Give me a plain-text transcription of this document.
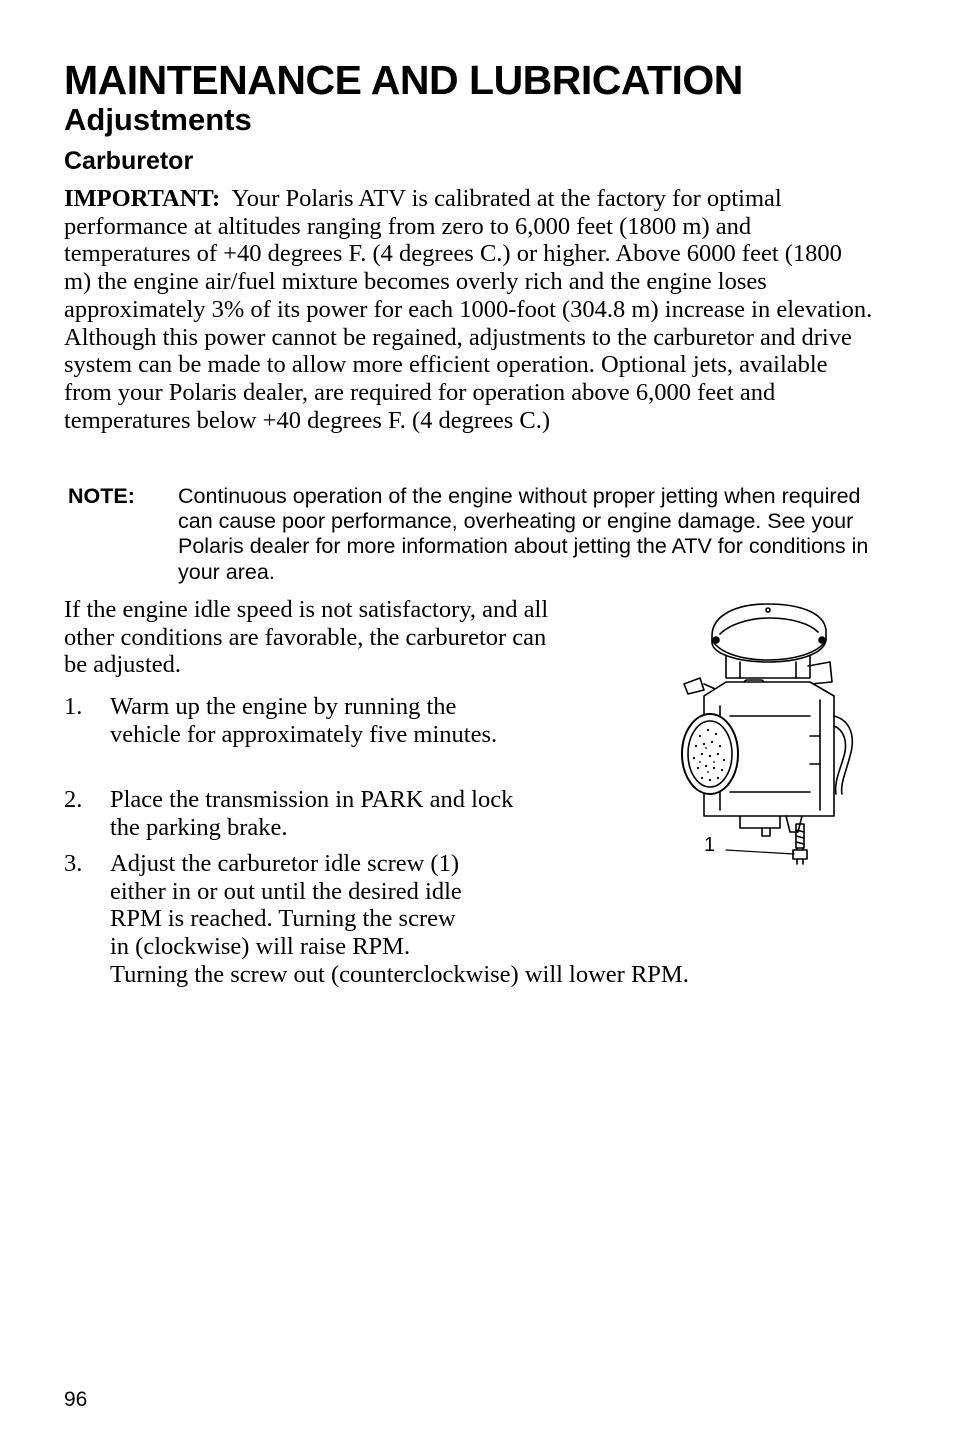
MAINTENANCE AND LUBRICATION
Adjustments
Carburetor

IMPORTANT: Your Polaris ATV is calibrated at the factory for optimal performance at altitudes ranging from zero to 6,000 feet (1800 m) and temperatures of +40 degrees F. (4 degrees C.) or higher. Above 6000 feet (1800 m) the engine air/fuel mixture becomes overly rich and the engine loses approximately 3% of its power for each 1000-foot (304.8 m) increase in elevation. Although this power cannot be regained, adjustments to the carburetor and drive system can be made to allow more efficient operation. Optional jets, available from your Polaris dealer, are required for operation above 6,000 feet and temperatures below +40 degrees F. (4 degrees C.)

NOTE: Continuous operation of the engine without proper jetting when required can cause poor performance, overheating or engine damage. See your Polaris dealer for more information about jetting the ATV for conditions in your area.

If the engine idle speed is not satisfactory, and all other conditions are favorable, the carburetor can be adjusted.

1. Warm up the engine by running the vehicle for approximately five minutes.

2. Place the transmission in PARK and lock the parking brake.

3. Adjust the carburetor idle screw (1)
either in or out until the desired idle
RPM is reached. Turning the screw
in (clockwise) will raise RPM.
Turning the screw out (counterclockwise) will lower RPM.

1
96
